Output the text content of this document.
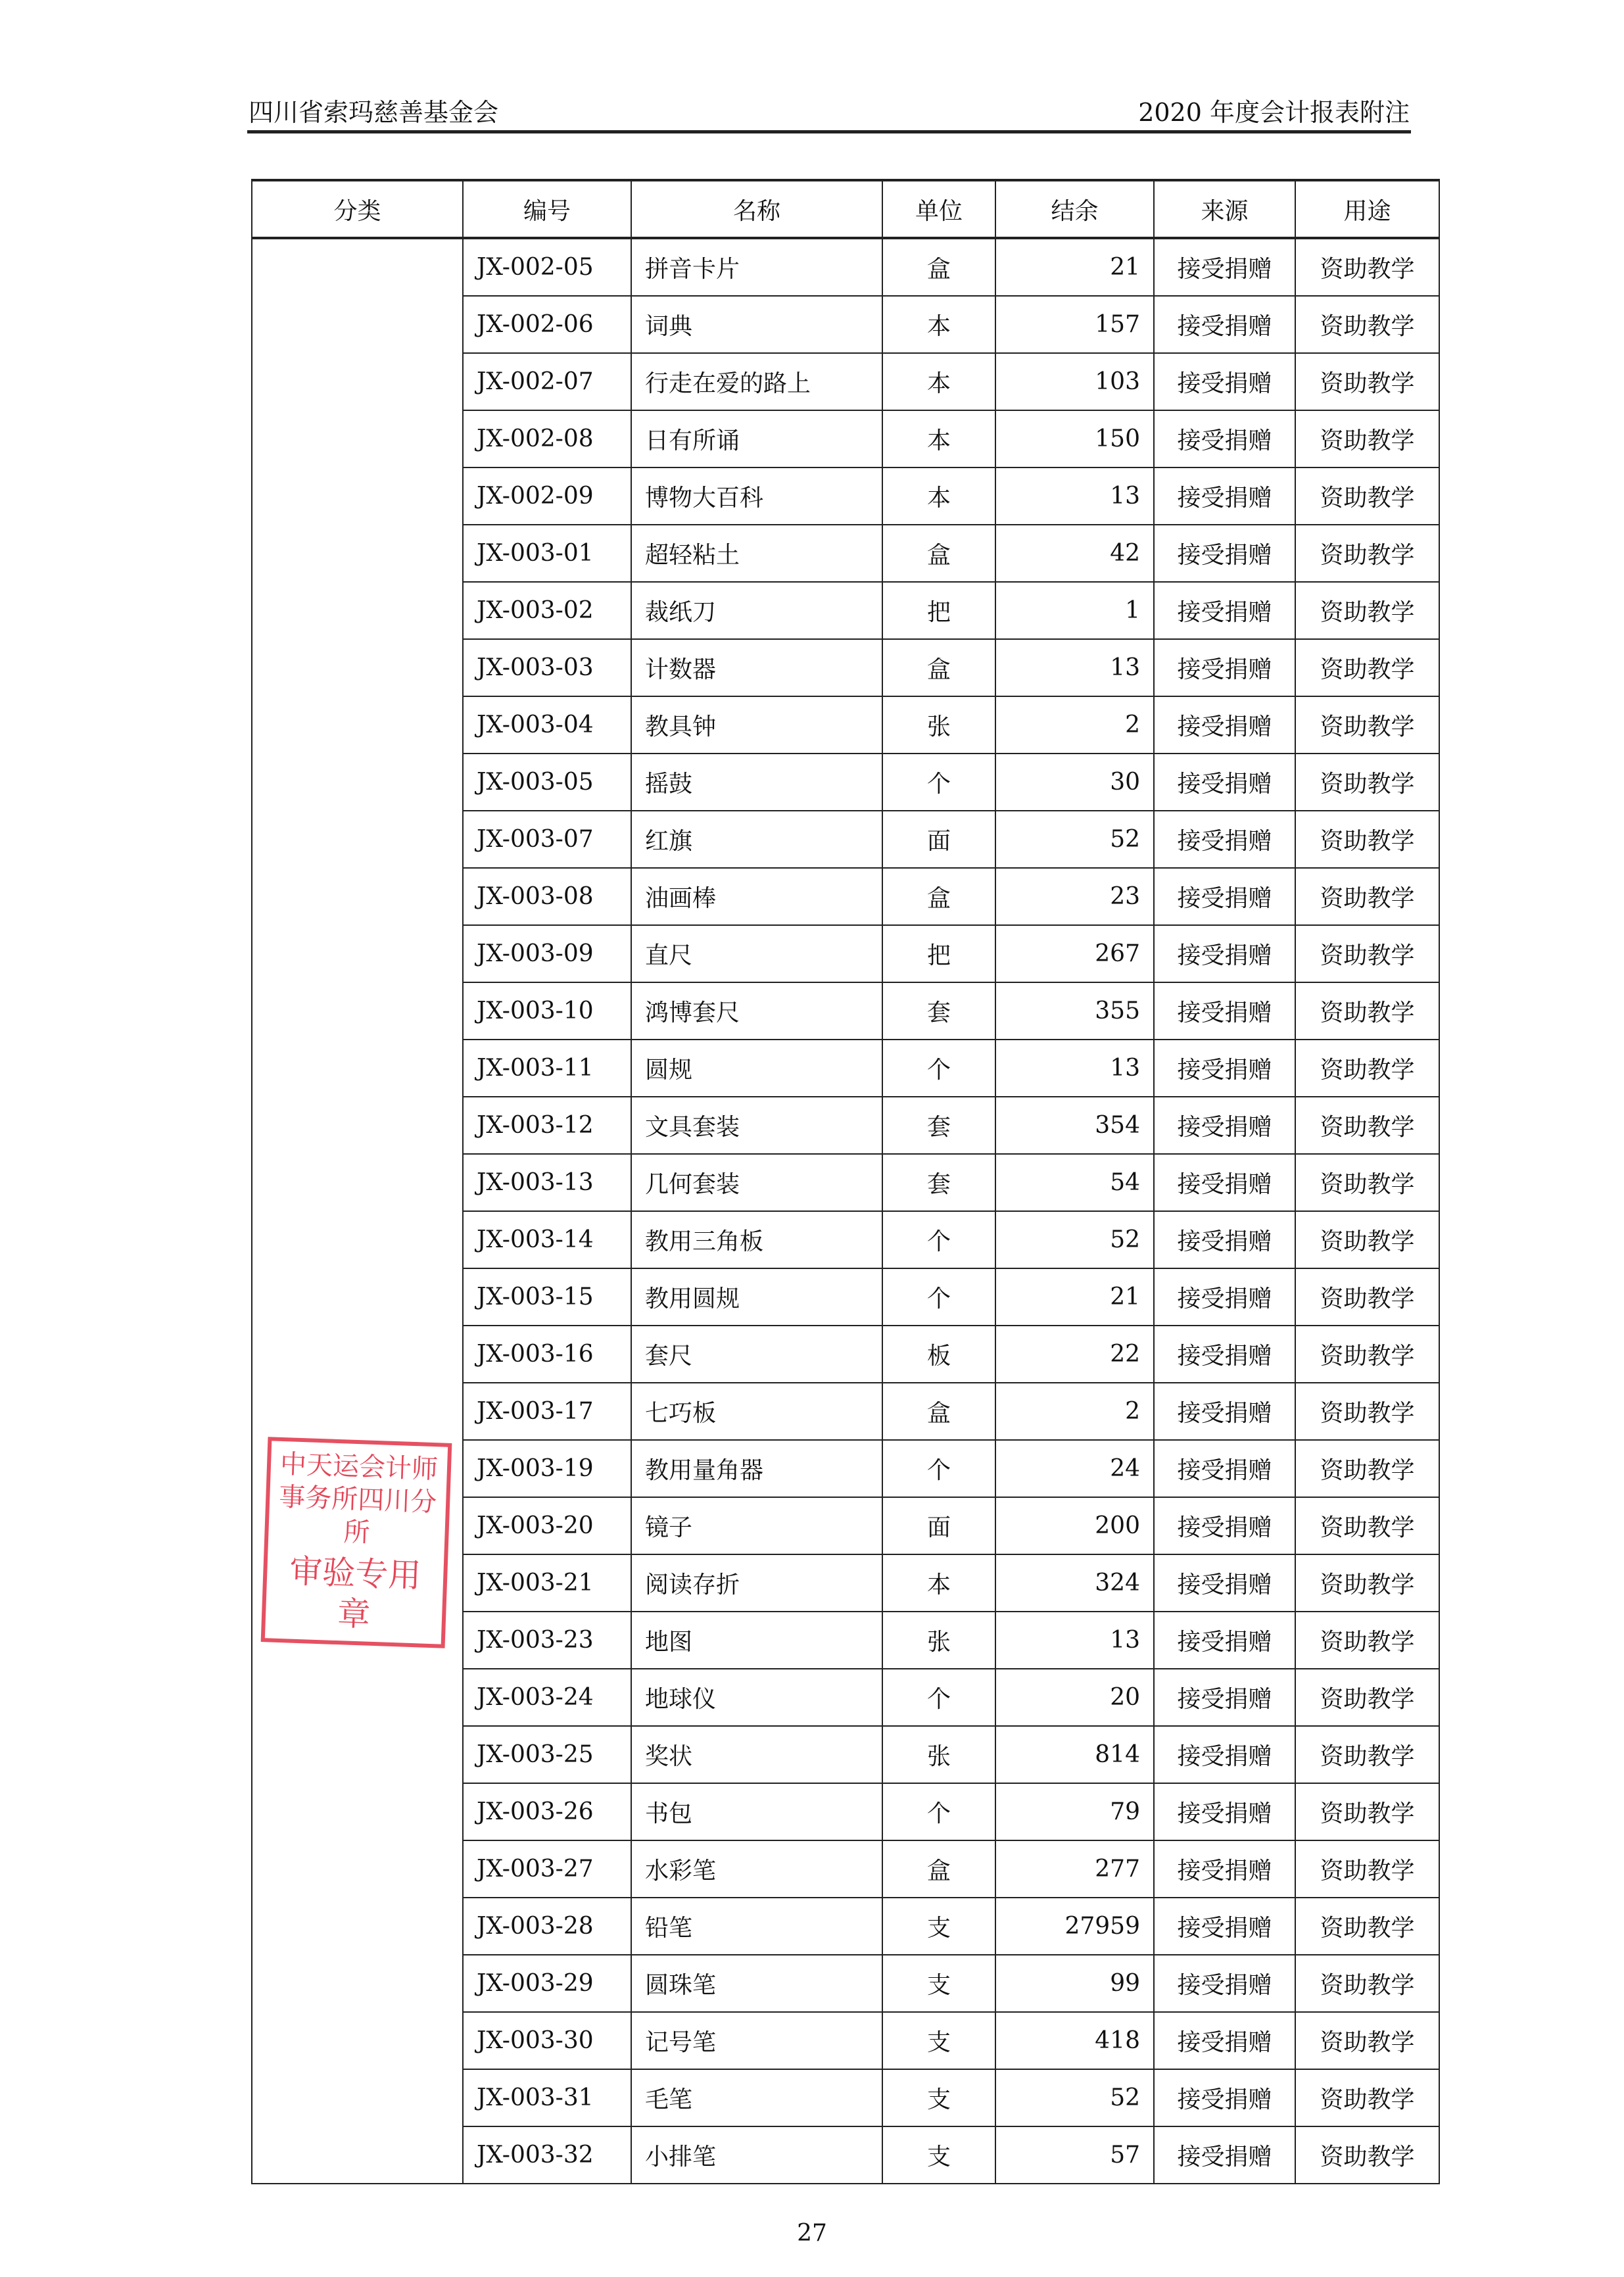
四川省索玛慈善基金会	2020 年度会计报表附注
分类	编号	名称	单位	结余	来源	用途
	JX-002-05	拼音卡片	盒	21	接受捐赠	资助教学
	JX-002-06	词典	本	157	接受捐赠	资助教学
	JX-002-07	行走在爱的路上	本	103	接受捐赠	资助教学
	JX-002-08	日有所诵	本	150	接受捐赠	资助教学
	JX-002-09	博物大百科	本	13	接受捐赠	资助教学
	JX-003-01	超轻粘土	盒	42	接受捐赠	资助教学
	JX-003-02	裁纸刀	把	1	接受捐赠	资助教学
	JX-003-03	计数器	盒	13	接受捐赠	资助教学
	JX-003-04	教具钟	张	2	接受捐赠	资助教学
	JX-003-05	摇鼓	个	30	接受捐赠	资助教学
	JX-003-07	红旗	面	52	接受捐赠	资助教学
	JX-003-08	油画棒	盒	23	接受捐赠	资助教学
	JX-003-09	直尺	把	267	接受捐赠	资助教学
	JX-003-10	鸿博套尺	套	355	接受捐赠	资助教学
	JX-003-11	圆规	个	13	接受捐赠	资助教学
	JX-003-12	文具套装	套	354	接受捐赠	资助教学
	JX-003-13	几何套装	套	54	接受捐赠	资助教学
	JX-003-14	教用三角板	个	52	接受捐赠	资助教学
	JX-003-15	教用圆规	个	21	接受捐赠	资助教学
	JX-003-16	套尺	板	22	接受捐赠	资助教学
	JX-003-17	七巧板	盒	2	接受捐赠	资助教学
	JX-003-19	教用量角器	个	24	接受捐赠	资助教学
	JX-003-20	镜子	面	200	接受捐赠	资助教学
	JX-003-21	阅读存折	本	324	接受捐赠	资助教学
	JX-003-23	地图	张	13	接受捐赠	资助教学
	JX-003-24	地球仪	个	20	接受捐赠	资助教学
	JX-003-25	奖状	张	814	接受捐赠	资助教学
	JX-003-26	书包	个	79	接受捐赠	资助教学
	JX-003-27	水彩笔	盒	277	接受捐赠	资助教学
	JX-003-28	铅笔	支	27959	接受捐赠	资助教学
	JX-003-29	圆珠笔	支	99	接受捐赠	资助教学
	JX-003-30	记号笔	支	418	接受捐赠	资助教学
	JX-003-31	毛笔	支	52	接受捐赠	资助教学
	JX-003-32	小排笔	支	57	接受捐赠	资助教学
中天运会计师事务所四川分所
审验专用章
27
